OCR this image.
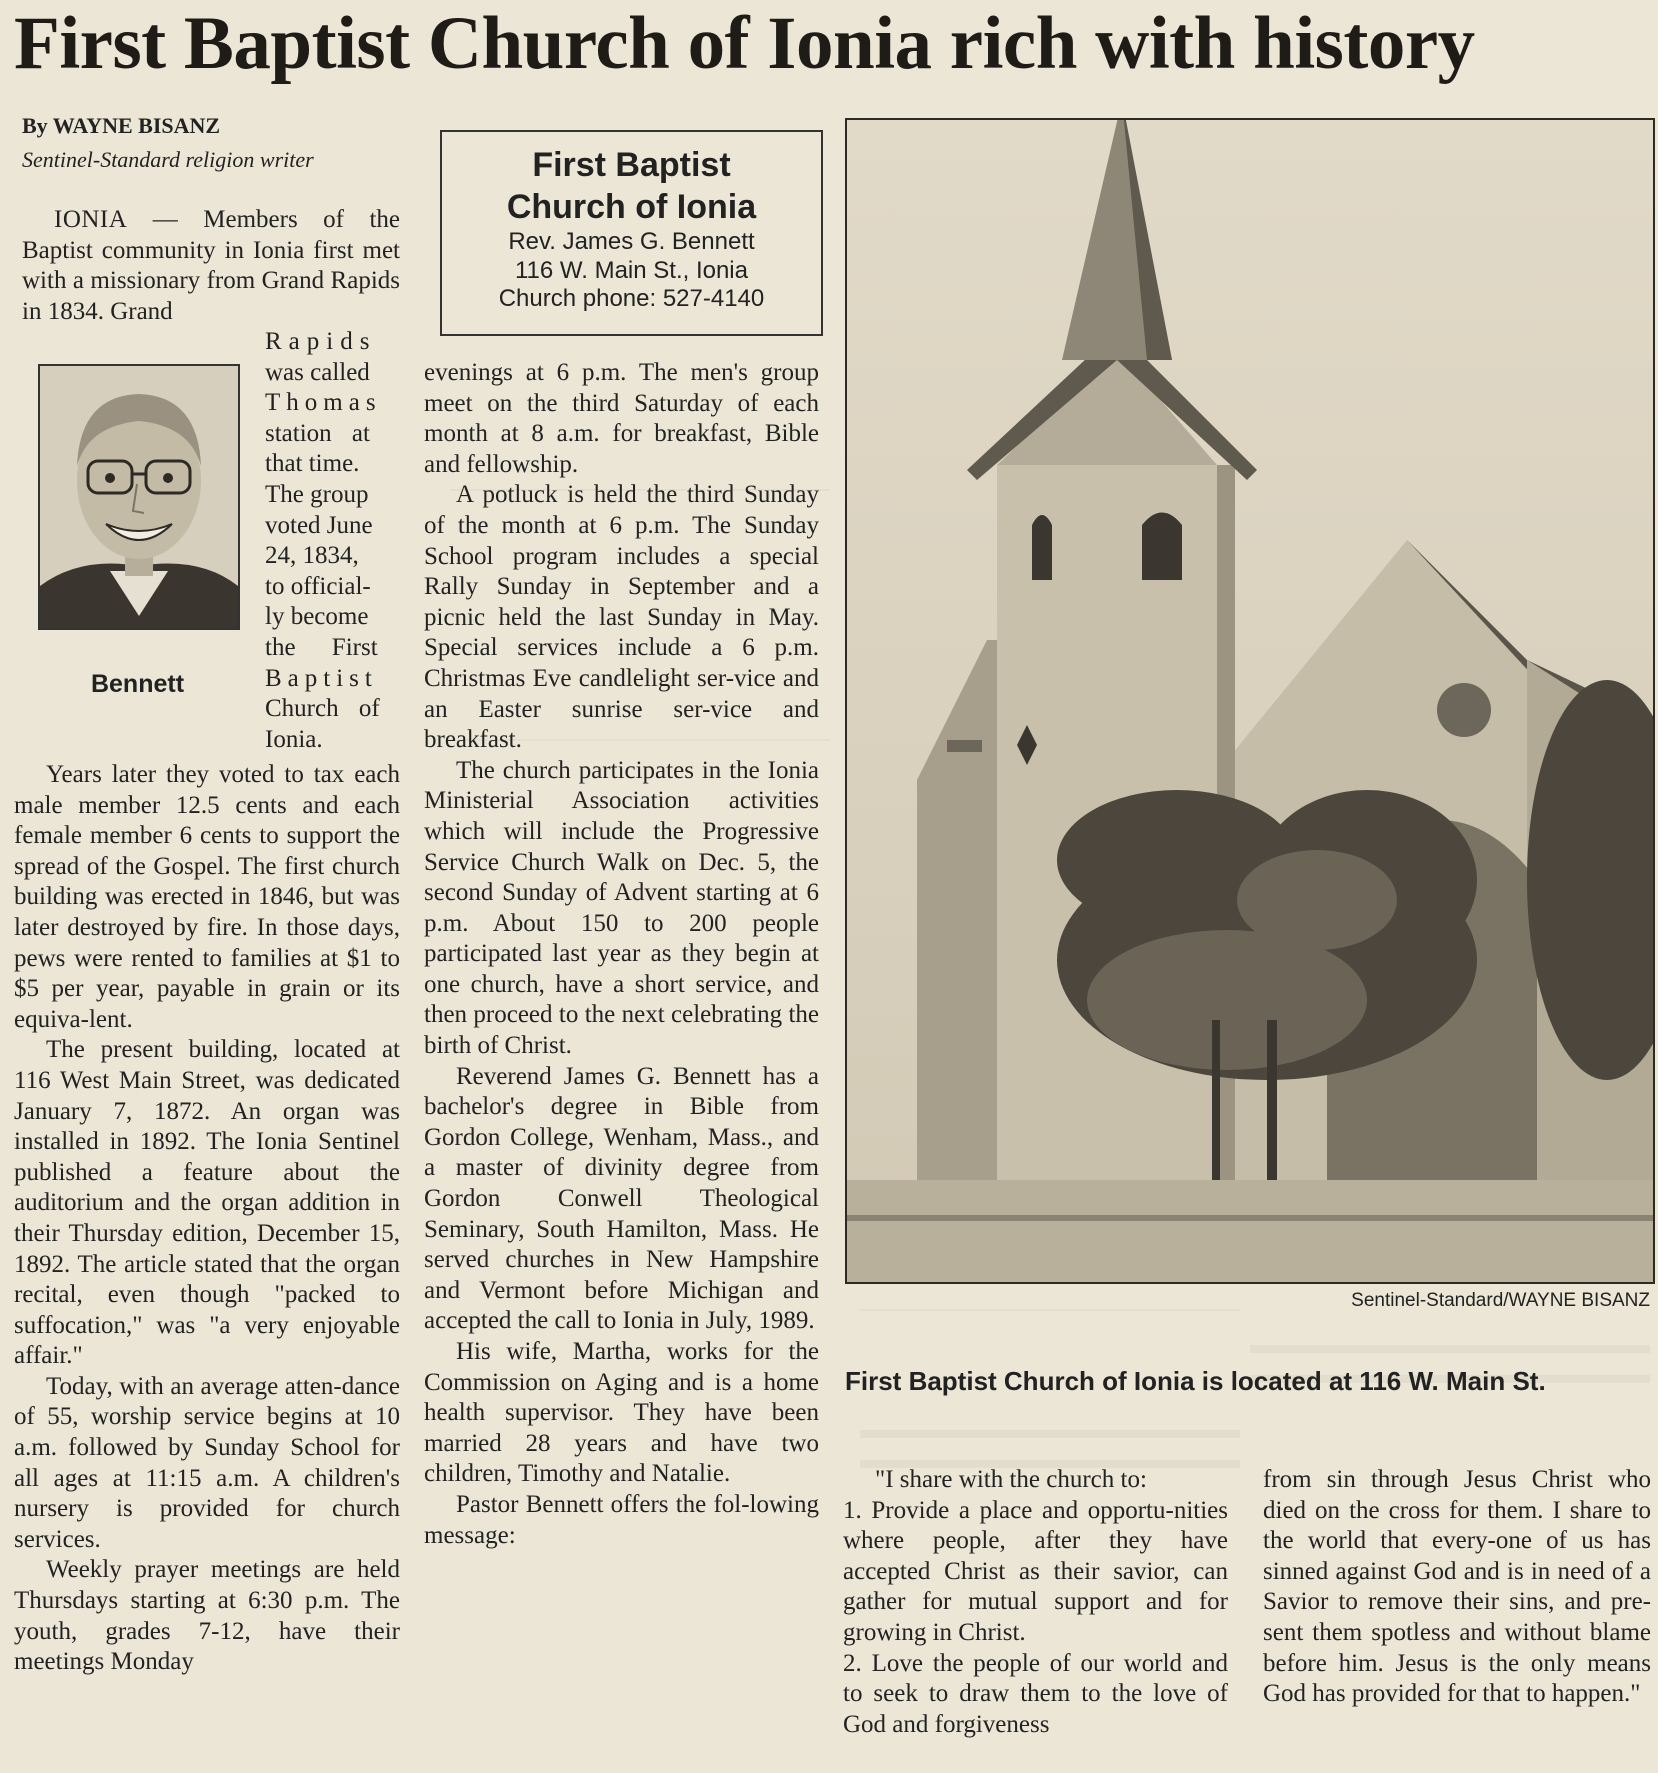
First Baptist Church of Ionia rich with history
By WAYNE BISANZ
Sentinel-Standard religion writer	First Baptist
Church of Ionia
Rev. James G. Bennett
116 W. Main St., Ionia
Church phone: 527-4140
Bennett

IONIA — Members of the Baptist community in Ionia first met with a missionary from Grand Rapids in 1834. Grand

Rapids
was called
Thomas
station at
that time.
The group
voted June
24, 1834,
to official-
ly become
the First
Baptist
Church of
Ionia.

Years later they voted to tax each male member 12.5 cents and each female member 6 cents to support the spread of the Gospel. The first church building was erected in 1846, but was later destroyed by fire. In those days, pews were rented to families at $1 to $5 per year, payable in grain or its equiva-lent.

The present building, located at 116 West Main Street, was dedicated January 7, 1872. An organ was installed in 1892. The Ionia Sentinel published a feature about the auditorium and the organ addition in their Thursday edition, December 15, 1892. The article stated that the organ recital, even though "packed to suffocation," was "a very enjoyable affair."

Today, with an average atten-dance of 55, worship service begins at 10 a.m. followed by Sunday School for all ages at 11:15 a.m. A children's nursery is provided for church services.

Weekly prayer meetings are held Thursdays starting at 6:30 p.m. The youth, grades 7-12, have their meetings Monday

evenings at 6 p.m. The men's group meet on the third Saturday of each month at 8 a.m. for breakfast, Bible and fellowship.

A potluck is held the third Sunday of the month at 6 p.m. The Sunday School program includes a special Rally Sunday in September and a picnic held the last Sunday in May. Special services include a 6 p.m. Christmas Eve candlelight ser-vice and an Easter sunrise ser-vice and breakfast.

The church participates in the Ionia Ministerial Association activities which will include the Progressive Service Church Walk on Dec. 5, the second Sunday of Advent starting at 6 p.m. About 150 to 200 people participated last year as they begin at one church, have a short service, and then proceed to the next celebrating the birth of Christ.

Reverend James G. Bennett has a bachelor's degree in Bible from Gordon College, Wenham, Mass., and a master of divinity degree from Gordon Conwell Theological Seminary, South Hamilton, Mass. He served churches in New Hampshire and Vermont before Michigan and accepted the call to Ionia in July, 1989.

His wife, Martha, works for the Commission on Aging and is a home health supervisor. They have been married 28 years and have two children, Timothy and Natalie.

Pastor Bennett offers the fol-lowing message:

Sentinel-Standard/WAYNE BISANZ
First Baptist Church of Ionia is located at 116 W. Main St.

"I share with the church to:

1. Provide a place and opportu-nities where people, after they have accepted Christ as their savior, can gather for mutual support and for growing in Christ.

2. Love the people of our world and to seek to draw them to the love of God and forgiveness

from sin through Jesus Christ who died on the cross for them. I share to the world that every-one of us has sinned against God and is in need of a Savior to remove their sins, and pre-sent them spotless and without blame before him. Jesus is the only means God has provided for that to happen."
